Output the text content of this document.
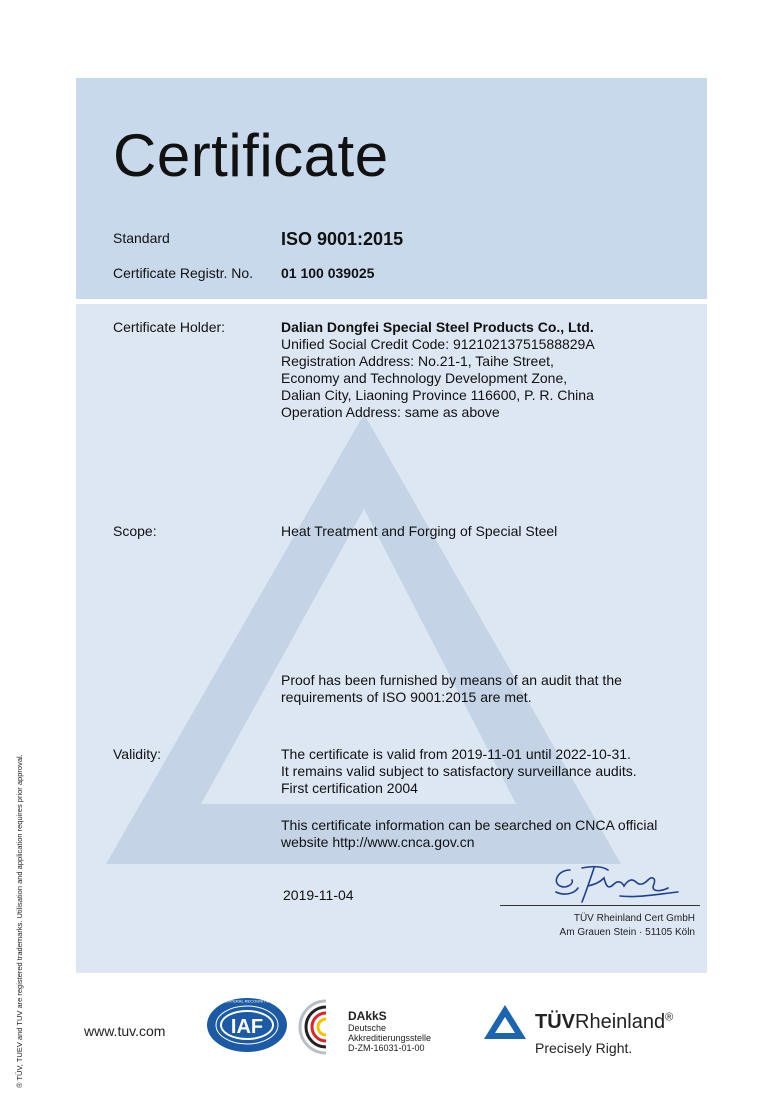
Certificate
Standard	ISO 9001:2015
Certificate Registr. No. 01 100 039025
Certificate Holder:	Dalian Dongfei Special Steel Products Co., Ltd.
Unified Social Credit Code: 91210213751588829A
Registration Address: No.21-1, Taihe Street,
Economy and Technology Development Zone,
Dalian City, Liaoning Province 116600, P. R. China
Operation Address: same as above
Scope:	Heat Treatment and Forging of Special Steel
Proof has been furnished by means of an audit that the
requirements of ISO 9001:2015 are met.
Validity:	The certificate is valid from 2019-11-01 until 2022-10-31.
It remains valid subject to satisfactory surveillance audits.
First certification 2004
This certificate information can be searched on CNCA official
website http://www.cnca.gov.cn
2019-11-04
TÜV Rheinland Cert GmbH
Am Grauen Stein · 51105 Köln
® TÜV, TUEV and TUV are registered trademarks. Utilisation and application requires prior approval.	www.tuv.com
MEMBER OF MULTILATERAL RECOGNITION ARRANGEMENT
IAF	DAkkS
Deutsche
Akkreditierungsstelle
D-ZM-16031-01-00
TÜVRheinland®
Precisely Right.
